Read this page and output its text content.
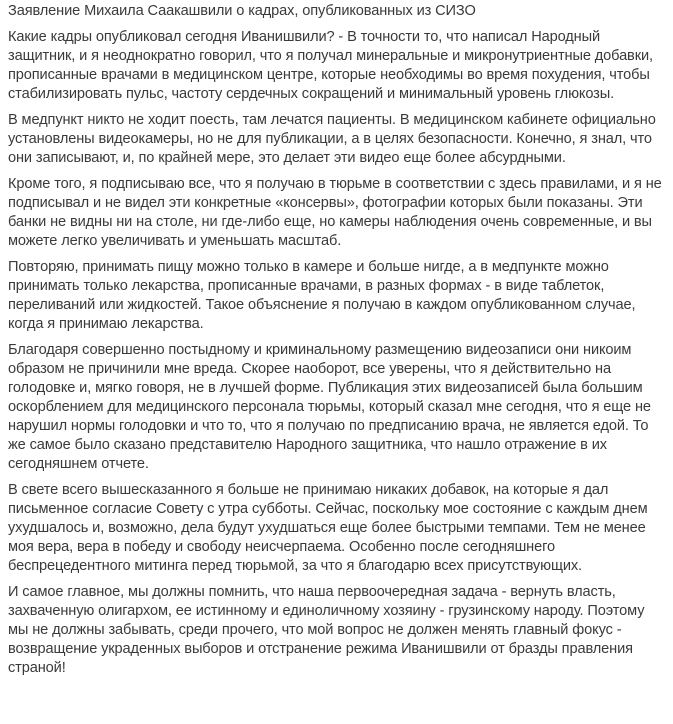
Заявление Михаила Саакашвили о кадрах, опубликованных из СИЗО

Какие кадры опубликовал сегодня Иванишвили? - В точности то, что написал Народный защитник, и я неоднократно говорил, что я получал минеральные и микронутриентные добавки, прописанные врачами в медицинском центре, которые необходимы во время похудения, чтобы стабилизировать пульс, частоту сердечных сокращений и минимальный уровень глюкозы.

В медпункт никто не ходит поесть, там лечатся пациенты. В медицинском кабинете официально установлены видеокамеры, но не для публикации, а в целях безопасности. Конечно, я знал, что они записывают, и, по крайней мере, это делает эти видео еще более абсурдными.

Кроме того, я подписываю все, что я получаю в тюрьме в соответствии с здесь правилами, и я не подписывал и не видел эти конкретные «консервы», фотографии которых были показаны. Эти банки не видны ни на столе, ни где-либо еще, но камеры наблюдения очень современные, и вы можете легко увеличивать и уменьшать масштаб.

Повторяю, принимать пищу можно только в камере и больше нигде, а в медпункте можно принимать только лекарства, прописанные врачами, в разных формах - в виде таблеток, переливаний или жидкостей. Такое объяснение я получаю в каждом опубликованном случае, когда я принимаю лекарства.

Благодаря совершенно постыдному и криминальному размещению видеозаписи они никоим образом не причинили мне вреда. Скорее наоборот, все уверены, что я действительно на голодовке и, мягко говоря, не в лучшей форме. Публикация этих видеозаписей была большим оскорблением для медицинского персонала тюрьмы, который сказал мне сегодня, что я еще не нарушил нормы голодовки и что то, что я получаю по предписанию врача, не является едой. То же самое было сказано представителю Народного защитника, что нашло отражение в их сегодняшнем отчете.

В свете всего вышесказанного я больше не принимаю никаких добавок, на которые я дал письменное согласие Совету с утра субботы. Сейчас, поскольку мое состояние с каждым днем ухудшалось и, возможно, дела будут ухудшаться еще более быстрыми темпами. Тем не менее моя вера, вера в победу и свободу неисчерпаема. Особенно после сегодняшнего беспрецедентного митинга перед тюрьмой, за что я благодарю всех присутствующих.

И самое главное, мы должны помнить, что наша первоочередная задача - вернуть власть, захваченную олигархом, ее истинному и единоличному хозяину - грузинскому народу. Поэтому мы не должны забывать, среди прочего, что мой вопрос не должен менять главный фокус - возвращение украденных выборов и отстранение режима Иванишвили от бразды правления страной!
